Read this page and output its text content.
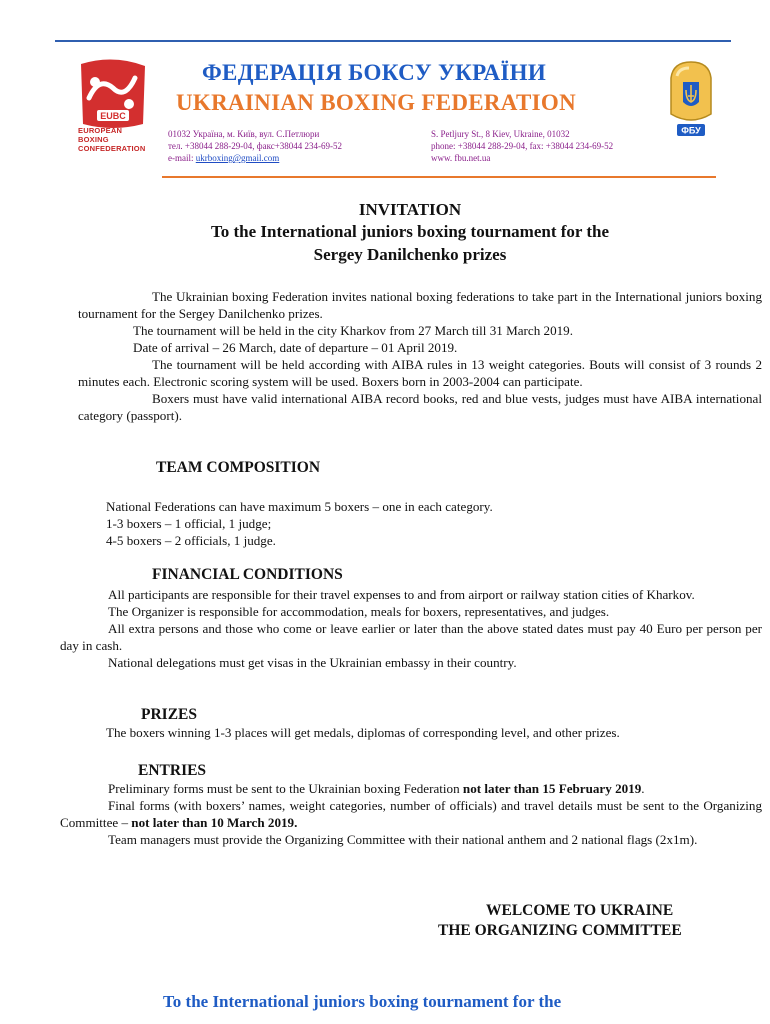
EUBC
EUROPEAN
BOXING
CONFEDERATION
ФБУ
ФЕДЕРАЦІЯ БОКСУ УКРАЇНИ
UKRAINIAN BOXING FEDERATION
01032 Україна, м. Київ, вул. С.Петлюри
тел. +38044 288-29-04, факс+38044 234-69-52
e-mail: ukrboxing@gmail.com
S. Petljury St., 8 Kiev, Ukraine, 01032
phone: +38044 288-29-04, fax: +38044 234-69-52
www. fbu.net.ua
INVITATION
To the International juniors boxing tournament for the
Sergey Danilchenko prizes

The Ukrainian boxing Federation invites national boxing federations to take part in the International juniors boxing tournament for the Sergey Danilchenko prizes.

The tournament will be held in the city Kharkov from 27 March till 31 March 2019.

Date of arrival – 26 March, date of departure – 01 April 2019.

The tournament will be held according with AIBA rules in 13 weight categories. Bouts will consist of 3 rounds 2 minutes each. Electronic scoring system will be used. Boxers born in 2003-2004 can participate.

Boxers must have valid international AIBA record books, red and blue vests, judges must have AIBA international category (passport).

TEAM COMPOSITION
National Federations can have maximum 5 boxers – one in each category.
1-3 boxers – 1 official, 1 judge;
4-5 boxers – 2 officials, 1 judge.
FINANCIAL CONDITIONS

All participants are responsible for their travel expenses to and from airport or railway station cities of Kharkov.

The Organizer is responsible for accommodation, meals for boxers, representatives, and judges.

All extra persons and those who come or leave earlier or later than the above stated dates must pay 40 Euro per person per day in cash.

National delegations must get visas in the Ukrainian embassy in their country.

PRIZES
The boxers winning 1-3 places will get medals, diplomas of corresponding level, and other prizes.
ENTRIES

Preliminary forms must be sent to the Ukrainian boxing Federation not later than 15 February 2019.

Final forms (with boxers’ names, weight categories, number of officials) and travel details must be sent to the Organizing Committee – not later than 10 March 2019.

Team managers must provide the Organizing Committee with their national anthem and 2 national flags (2x1m).

WELCOME TO UKRAINE
THE ORGANIZING COMMITTEE
To the International juniors boxing tournament for the
